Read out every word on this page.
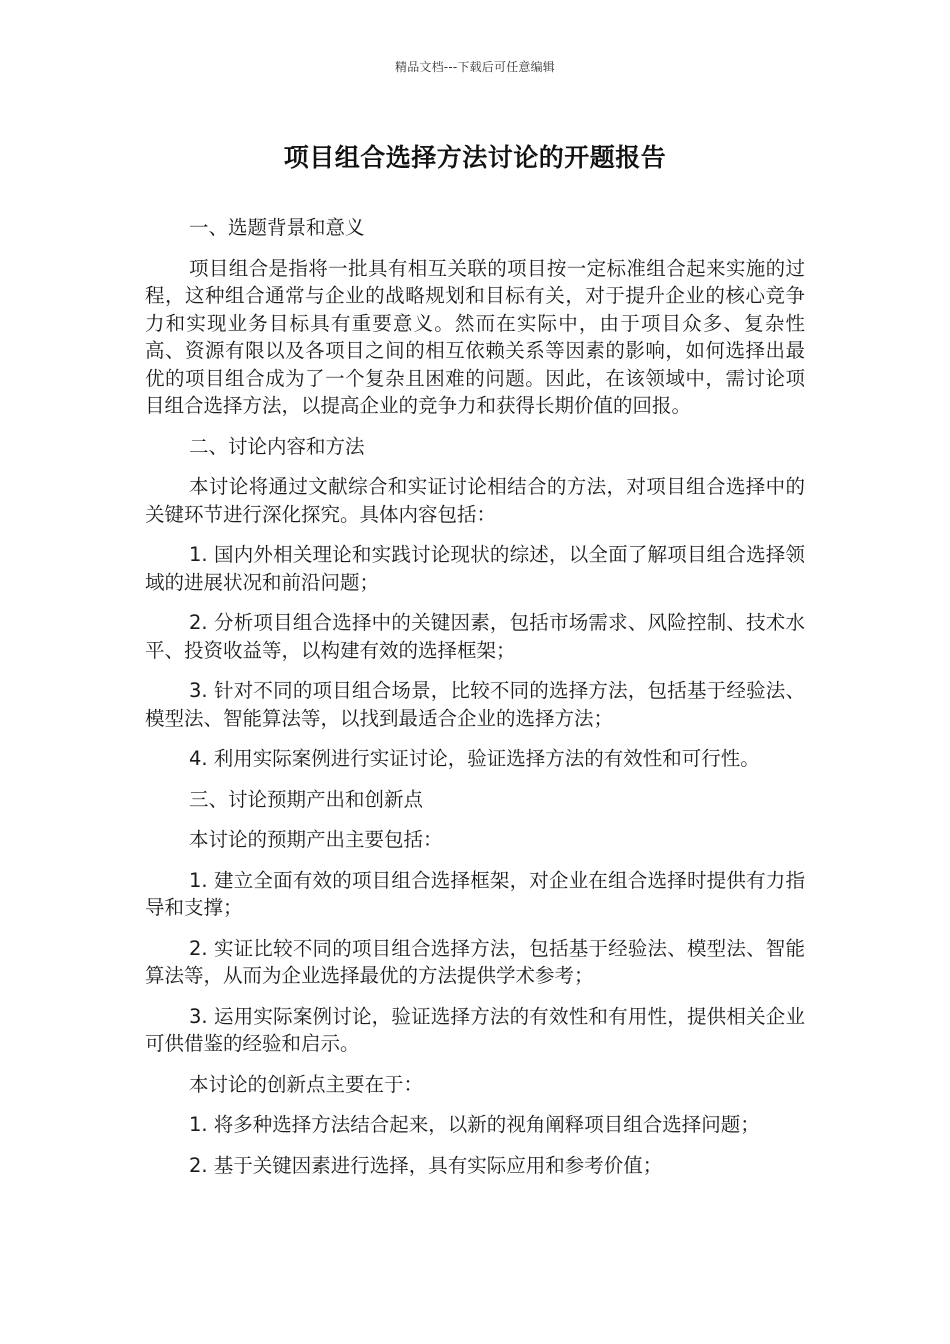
精品文档---下载后可任意编辑
项目组合选择方法讨论的开题报告
一、选题背景和意义
项目组合是指将一批具有相互关联的项目按一定标准组合起来实施的过程，这种组合通常与企业的战略规划和目标有关，对于提升企业的核心竞争力和实现业务目标具有重要意义。然而在实际中，由于项目众多、复杂性高、资源有限以及各项目之间的相互依赖关系等因素的影响，如何选择出最优的项目组合成为了一个复杂且困难的问题。因此，在该领域中，需讨论项目组合选择方法，以提高企业的竞争力和获得长期价值的回报。
二、讨论内容和方法
本讨论将通过文献综合和实证讨论相结合的方法，对项目组合选择中的关键环节进行深化探究。具体内容包括：
1. 国内外相关理论和实践讨论现状的综述，以全面了解项目组合选择领域的进展状况和前沿问题；
2. 分析项目组合选择中的关键因素，包括市场需求、风险控制、技术水平、投资收益等，以构建有效的选择框架；
3. 针对不同的项目组合场景，比较不同的选择方法，包括基于经验法、模型法、智能算法等，以找到最适合企业的选择方法；
4. 利用实际案例进行实证讨论，验证选择方法的有效性和可行性。
三、讨论预期产出和创新点
本讨论的预期产出主要包括：
1. 建立全面有效的项目组合选择框架，对企业在组合选择时提供有力指导和支撑；
2. 实证比较不同的项目组合选择方法，包括基于经验法、模型法、智能算法等，从而为企业选择最优的方法提供学术参考；
3. 运用实际案例讨论，验证选择方法的有效性和有用性，提供相关企业可供借鉴的经验和启示。
本讨论的创新点主要在于：
1. 将多种选择方法结合起来，以新的视角阐释项目组合选择问题；
2. 基于关键因素进行选择，具有实际应用和参考价值；
